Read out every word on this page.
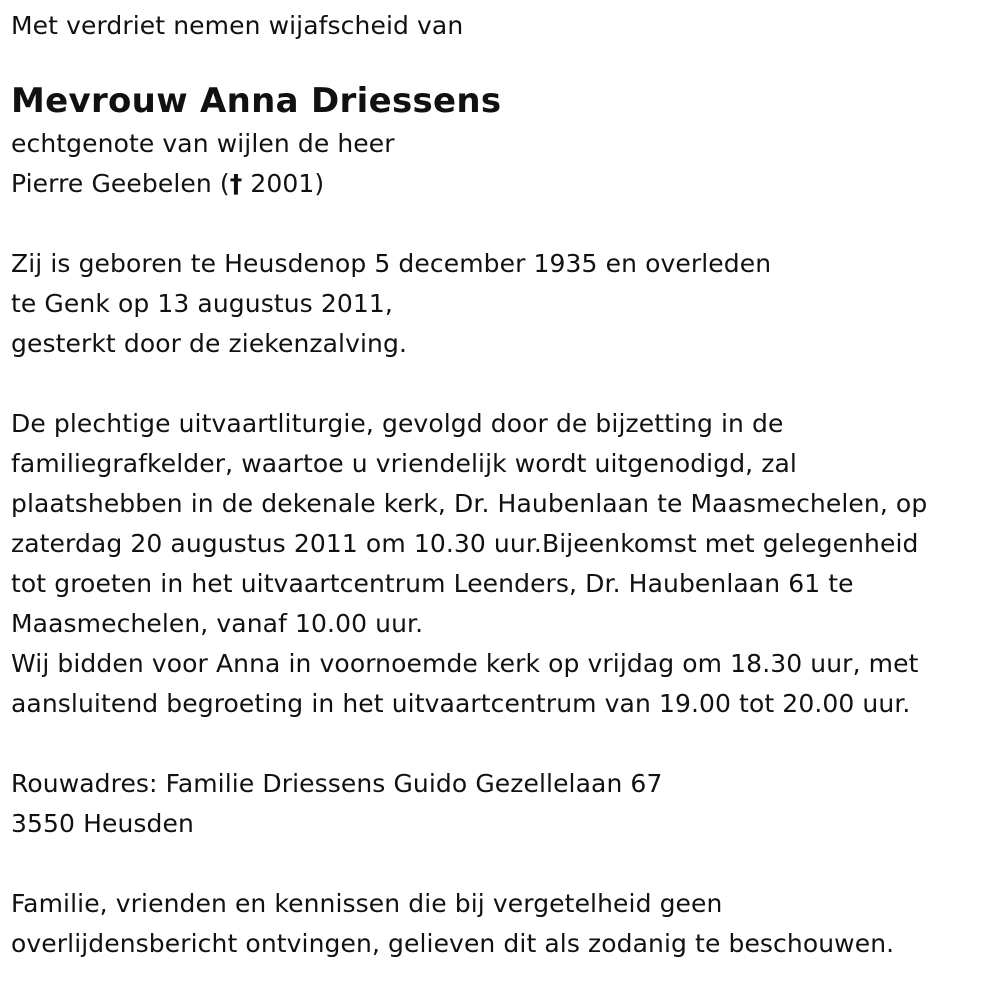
Met verdriet nemen wijafscheid van
Mevrouw Anna Driessens
echtgenote van wijlen de heer
Pierre Geebelen († 2001)
Zij is geboren te Heusdenop 5 december 1935 en overleden
te Genk op 13 augustus 2011,
gesterkt door de ziekenzalving.
De plechtige uitvaartliturgie, gevolgd door de bijzetting in de
familiegrafkelder, waartoe u vriendelijk wordt uitgenodigd, zal
plaatshebben in de dekenale kerk, Dr. Haubenlaan te Maasmechelen, op
zaterdag 20 augustus 2011 om 10.30 uur.Bijeenkomst met gelegenheid
tot groeten in het uitvaartcentrum Leenders, Dr. Haubenlaan 61 te
Maasmechelen, vanaf 10.00 uur.
Wij bidden voor Anna in voornoemde kerk op vrijdag om 18.30 uur, met
aansluitend begroeting in het uitvaartcentrum van 19.00 tot 20.00 uur.
Rouwadres: Familie Driessens Guido Gezellelaan 67
3550 Heusden
Familie, vrienden en kennissen die bij vergetelheid geen
overlijdensbericht ontvingen, gelieven dit als zodanig te beschouwen.
